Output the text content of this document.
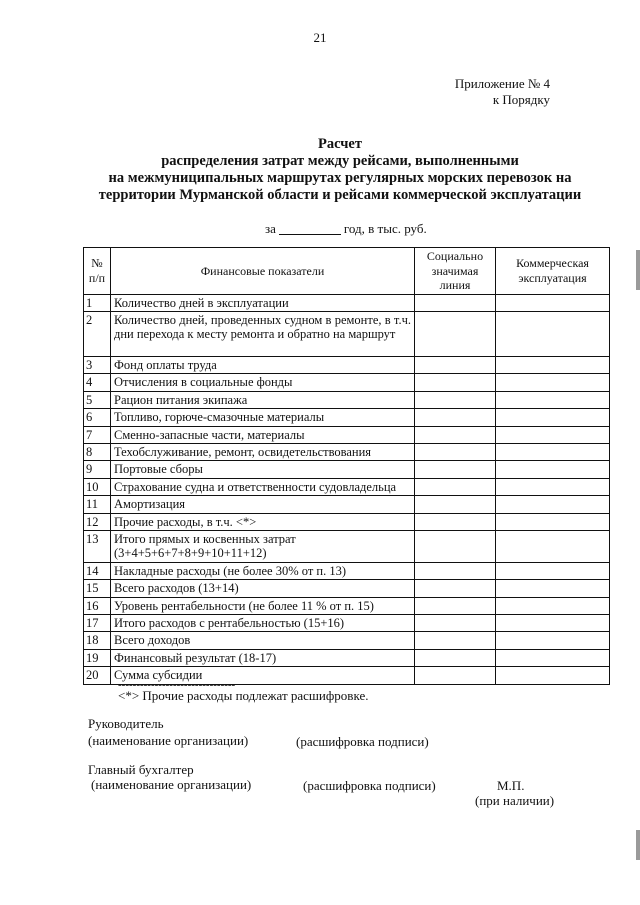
21
Приложение № 4
к Порядку
Расчет
распределения затрат между рейсами, выполненными
на межмуниципальных маршрутах регулярных морских перевозок на
территории Мурманской области и рейсами коммерческой эксплуатации
за	год, в тыс. руб.
№
п/п	Финансовые показатели	Социально значимая линия	Коммерческая эксплуатация
1	Количество дней в эксплуатации		
2	Количество дней, проведенных судном в ремонте, в т.ч. дни перехода к месту ремонта и обратно на маршрут		
3	Фонд оплаты труда		
4	Отчисления в социальные фонды		
5	Рацион питания экипажа		
6	Топливо, горюче-смазочные материалы		
7	Сменно-запасные части, материалы		
8	Техобслуживание, ремонт, освидетельствования		
9	Портовые сборы		
10	Страхование судна и ответственности судовладельца		
11	Амортизация		
12	Прочие расходы, в т.ч. <*>		
13	Итого прямых и косвенных затрат (3+4+5+6+7+8+9+10+11+12)		
14	Накладные расходы (не более 30% от п. 13)		
15	Всего расходов (13+14)		
16	Уровень рентабельности (не более 11 % от п. 15)		
17	Итого расходов с рентабельностью (15+16)		
18	Всего доходов		
19	Финансовый результат (18-17)		
20	Сумма субсидии		
--------------------------------
<*> Прочие расходы подлежат расшифровке.
Руководитель
(наименование организации)	(расшифровка подписи)
Главный бухгалтер
(наименование организации)	(расшифровка подписи)	М.П.
(при наличии)
